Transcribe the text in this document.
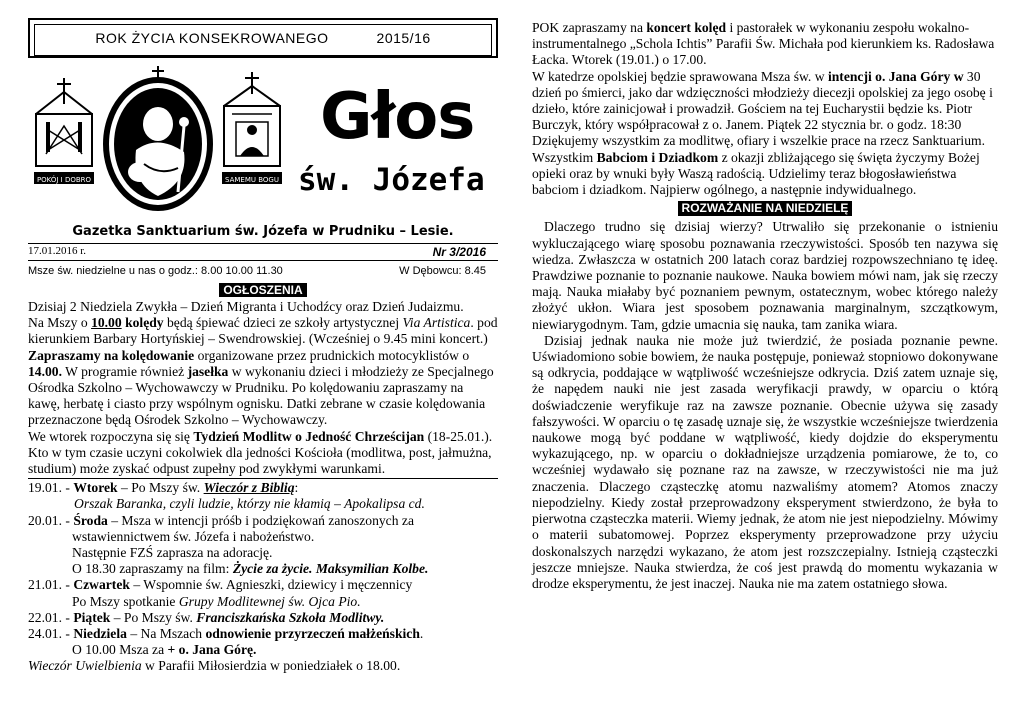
ROK ŻYCIA KONSEKROWANEGO	2015/16
POKÓJ I DOBRO	SAMEMU BOGU
Głos
św. Józefa
Gazetka Sanktuarium św. Józefa w Prudniku – Lesie.
17.01.2016 r.	Nr 3/2016
Msze św. niedzielne u nas o godz.: 8.00 10.00 11.30	W Dębowcu: 8.45
OGŁOSZENIA

Dzisiaj 2 Niedziela Zwykła – Dzień Migranta i Uchodźcy oraz Dzień Judaizmu.

Na Mszy o 10.00 kolędy będą śpiewać dzieci ze szkoły artystycznej Via Artistica. pod kierunkiem Barbary Hortyńskiej – Swendrowskiej. (Wcześniej o 9.45 mini koncert.)

Zapraszamy na kolędowanie organizowane przez prudnickich motocyklistów o 14.00. W programie również jasełka w wykonaniu dzieci i młodzieży ze Specjalnego Ośrodka Szkolno – Wychowawczy w Prudniku. Po kolędowaniu zapraszamy na kawę, herbatę i ciasto przy wspólnym ognisku. Datki zebrane w czasie kolędowania przeznaczone będą Ośrodek Szkolno – Wychowawczy.

We wtorek rozpoczyna się się Tydzień Modlitw o Jedność Chrześcijan (18-25.01.). Kto w tym czasie uczyni cokolwiek dla jedności Kościoła (modlitwa, post, jałmużna, studium) może zyskać odpust zupełny pod zwykłymi warunkami.

19.01. - Wtorek – Po Mszy św. Wieczór z Biblią:

Orszak Baranka, czyli ludzie, którzy nie kłamią – Apokalipsa cd.

20.01. - Środa – Msza w intencji próśb i podziękowań zanoszonych za wstawiennictwem św. Józefa i nabożeństwo.

Następnie FZŚ zaprasza na adorację.

O 18.30 zapraszamy na film: Życie za życie. Maksymilian Kolbe.

21.01. - Czwartek – Wspomnie św. Agnieszki, dziewicy i męczennicy

Po Mszy spotkanie Grupy Modlitewnej św. Ojca Pio.

22.01. - Piątek – Po Mszy św. Franciszkańska Szkoła Modlitwy.

24.01. - Niedziela – Na Mszach odnowienie przyrzeczeń małżeńskich.

O 10.00 Msza za + o. Jana Górę.

Wieczór Uwielbienia w Parafii Miłosierdzia w poniedziałek o 18.00.

POK zapraszamy na koncert kolęd i pastorałek w wykonaniu zespołu wokalno-instrumentalnego „Schola Ichtis” Parafii Św. Michała pod kierunkiem ks. Radosława Łacka. Wtorek (19.01.) o 17.00.

W katedrze opolskiej będzie sprawowana Msza św. w intencji o. Jana Góry w 30 dzień po śmierci, jako dar wdzięczności młodzieży diecezji opolskiej za jego osobę i dzieło, które zainicjował i prowadził. Gościem na tej Eucharystii będzie ks. Piotr Burczyk, który współpracował z o. Janem. Piątek 22 stycznia br. o godz. 18:30

Dziękujemy wszystkim za modlitwę, ofiary i wszelkie prace na rzecz Sanktuarium. Wszystkim Babciom i Dziadkom z okazji zbliżającego się święta życzymy Bożej opieki oraz by wnuki były Waszą radością. Udzielimy teraz błogosławieństwa babciom i dziadkom. Najpierw ogólnego, a następnie indywidualnego.

ROZWAŻANIE NA NIEDZIELĘ

Dlaczego trudno się dzisiaj wierzy? Utrwaliło się przekonanie o istnieniu wykluczającego wiarę sposobu poznawania rzeczywistości. Sposób ten nazywa się wiedza. Zwłaszcza w ostatnich 200 latach coraz bardziej rozpowszechniano tę ideę. Prawdziwe poznanie to poznanie naukowe. Nauka bowiem mówi nam, jak się rzeczy mają. Nauka miałaby być poznaniem pewnym, ostatecznym, wobec którego należy złożyć ukłon. Wiara jest sposobem poznawania marginalnym, szczątkowym, niewiarygodnym. Tam, gdzie umacnia się nauka, tam zanika wiara.

Dzisiaj jednak nauka nie może już twierdzić, że posiada poznanie pewne. Uświadomiono sobie bowiem, że nauka postępuje, ponieważ stopniowo dokonywane są odkrycia, poddające w wątpliwość wcześniejsze odkrycia. Dziś zatem uznaje się, że napędem nauki nie jest zasada weryfikacji prawdy, w oparciu o którą doświadczenie weryfikuje raz na zawsze poznanie. Obecnie używa się zasady fałszywości. W oparciu o tę zasadę uznaje się, że wszystkie wcześniejsze twierdzenia naukowe mogą być poddane w wątpliwość, kiedy dojdzie do eksperymentu wykazującego, np. w oparciu o dokładniejsze urządzenia pomiarowe, że to, co wcześniej wydawało się poznane raz na zawsze, w rzeczywistości nie ma już znaczenia. Dlaczego cząsteczkę atomu nazwaliśmy atomem? Atomos znaczy niepodzielny. Kiedy został przeprowadzony eksperyment stwierdzono, że była to pierwotna cząsteczka materii. Wiemy jednak, że atom nie jest niepodzielny. Mówimy o materii subatomowej. Poprzez eksperymenty przeprowadzone przy użyciu doskonalszych narzędzi wykazano, że atom jest rozszczepialny. Istnieją cząsteczki jeszcze mniejsze. Nauka stwierdza, że coś jest prawdą do momentu wykazania w drodze eksperymentu, że jest inaczej. Nauka nie ma zatem ostatniego słowa.
